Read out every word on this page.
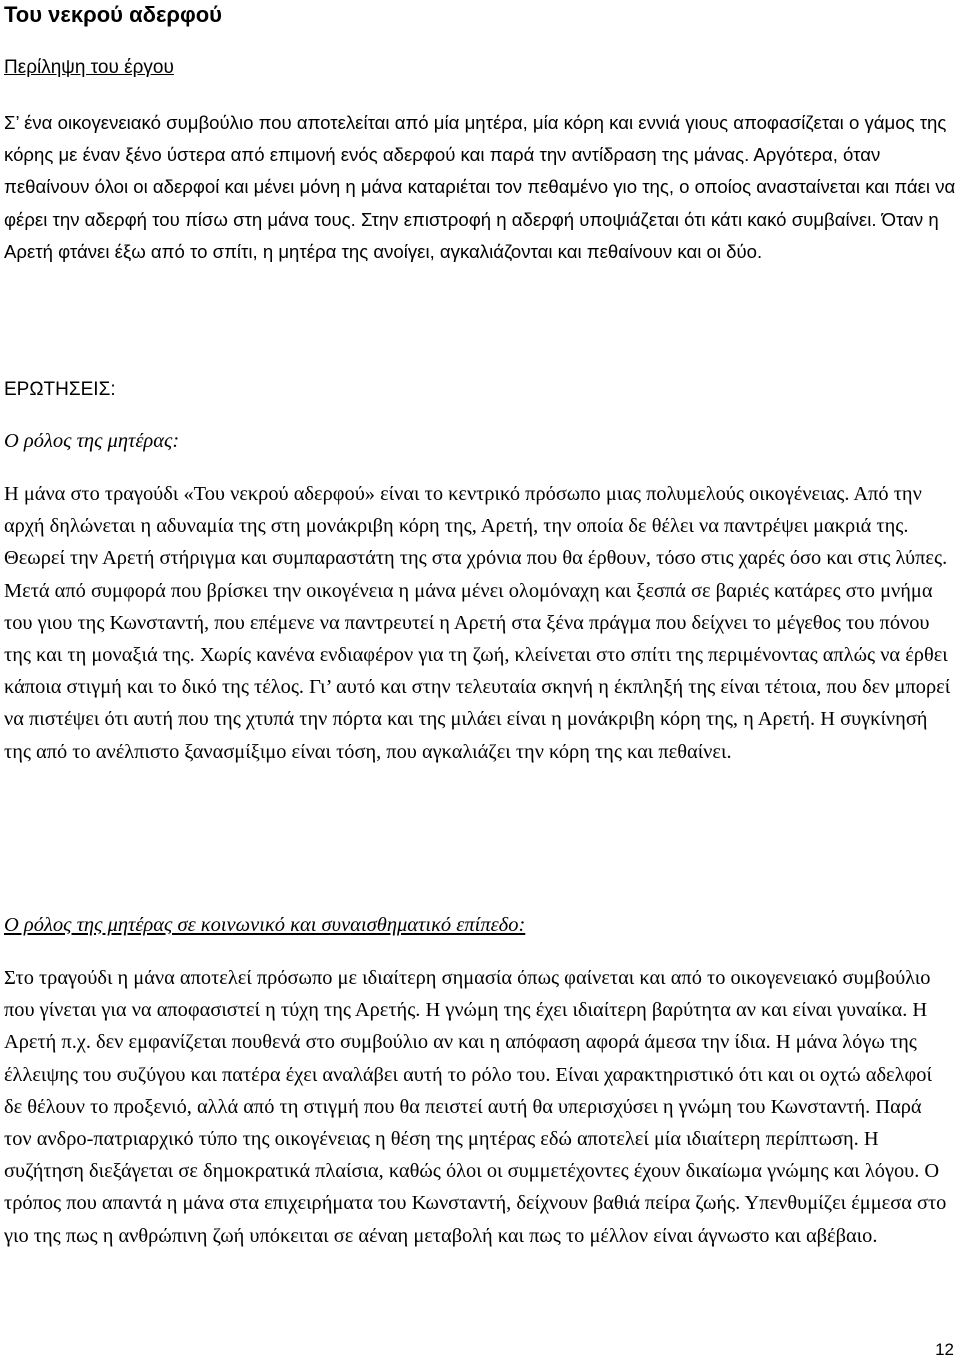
Του νεκρού αδερφού

Περίληψη του έργου

Σ’ ένα οικογενειακό συμβούλιο που αποτελείται από μία μητέρα, μία κόρη και εννιά γιους αποφασίζεται ο γάμος της κόρης με έναν ξένο ύστερα από επιμονή ενός αδερφού και παρά την αντίδραση της μάνας. Αργότερα, όταν πεθαίνουν όλοι οι αδερφοί και μένει μόνη η μάνα καταριέται τον πεθαμένο γιο της, ο οποίος ανασταίνεται και πάει να φέρει την αδερφή του πίσω στη μάνα τους. Στην επιστροφή η αδερφή υποψιάζεται ότι κάτι κακό συμβαίνει. Όταν η Αρετή φτάνει έξω από το σπίτι, η μητέρα της ανοίγει, αγκαλιάζονται και πεθαίνουν και οι δύο.

ΕΡΩΤΗΣΕΙΣ:

Ο ρόλος της μητέρας:

Η μάνα στο τραγούδι «Του νεκρού αδερφού» είναι το κεντρικό πρόσωπο μιας πολυμελούς οικογένειας. Από την αρχή δηλώνεται η αδυναμία της στη μονάκριβη κόρη της, Αρετή, την οποία δε θέλει να παντρέψει μακριά της. Θεωρεί την Αρετή στήριγμα και συμπαραστάτη της στα χρόνια που θα έρθουν, τόσο στις χαρές όσο και στις λύπες. Μετά από συμφορά που βρίσκει την οικογένεια η μάνα μένει ολομόναχη και ξεσπά σε βαριές κατάρες στο μνήμα του γιου της Κωνσταντή, που επέμενε να παντρευτεί η Αρετή στα ξένα πράγμα που δείχνει το μέγεθος του πόνου της και τη μοναξιά της. Χωρίς κανένα ενδιαφέρον για τη ζωή, κλείνεται στο σπίτι της περιμένοντας απλώς να έρθει κάποια στιγμή και το δικό της τέλος. Γι’ αυτό και στην τελευταία σκηνή η έκπληξή της είναι τέτοια, που δεν μπορεί να πιστέψει ότι αυτή που της χτυπά την πόρτα και της μιλάει είναι η μονάκριβη κόρη της, η Αρετή. Η συγκίνησή της από το ανέλπιστο ξανασμίξιμο είναι τόση, που αγκαλιάζει την κόρη της και πεθαίνει.

Ο ρόλος της μητέρας σε κοινωνικό και συναισθηματικό επίπεδο:

Στο τραγούδι η μάνα αποτελεί πρόσωπο με ιδιαίτερη σημασία όπως φαίνεται και από το οικογενειακό συμβούλιο που γίνεται για να αποφασιστεί η τύχη της Αρετής. Η γνώμη της έχει ιδιαίτερη βαρύτητα αν και είναι γυναίκα. Η Αρετή π.χ. δεν εμφανίζεται πουθενά στο συμβούλιο αν και η απόφαση αφορά άμεσα την ίδια. Η μάνα λόγω της έλλειψης του συζύγου και πατέρα έχει αναλάβει αυτή το ρόλο του. Είναι χαρακτηριστικό ότι και οι οχτώ αδελφοί δε θέλουν το προξενιό, αλλά από τη στιγμή που θα πειστεί αυτή θα υπερισχύσει η γνώμη του Κωνσταντή. Παρά τον ανδρο-πατριαρχικό τύπο της οικογένειας η θέση της μητέρας εδώ αποτελεί μία ιδιαίτερη περίπτωση. Η συζήτηση διεξάγεται σε δημοκρατικά πλαίσια, καθώς όλοι οι συμμετέχοντες έχουν δικαίωμα γνώμης και λόγου. Ο τρόπος που απαντά η μάνα στα επιχειρήματα του Κωνσταντή, δείχνουν βαθιά πείρα ζωής. Υπενθυμίζει έμμεσα στο γιο της πως η ανθρώπινη ζωή υπόκειται σε αέναη μεταβολή και πως το μέλλον είναι άγνωστο και αβέβαιο.

12
